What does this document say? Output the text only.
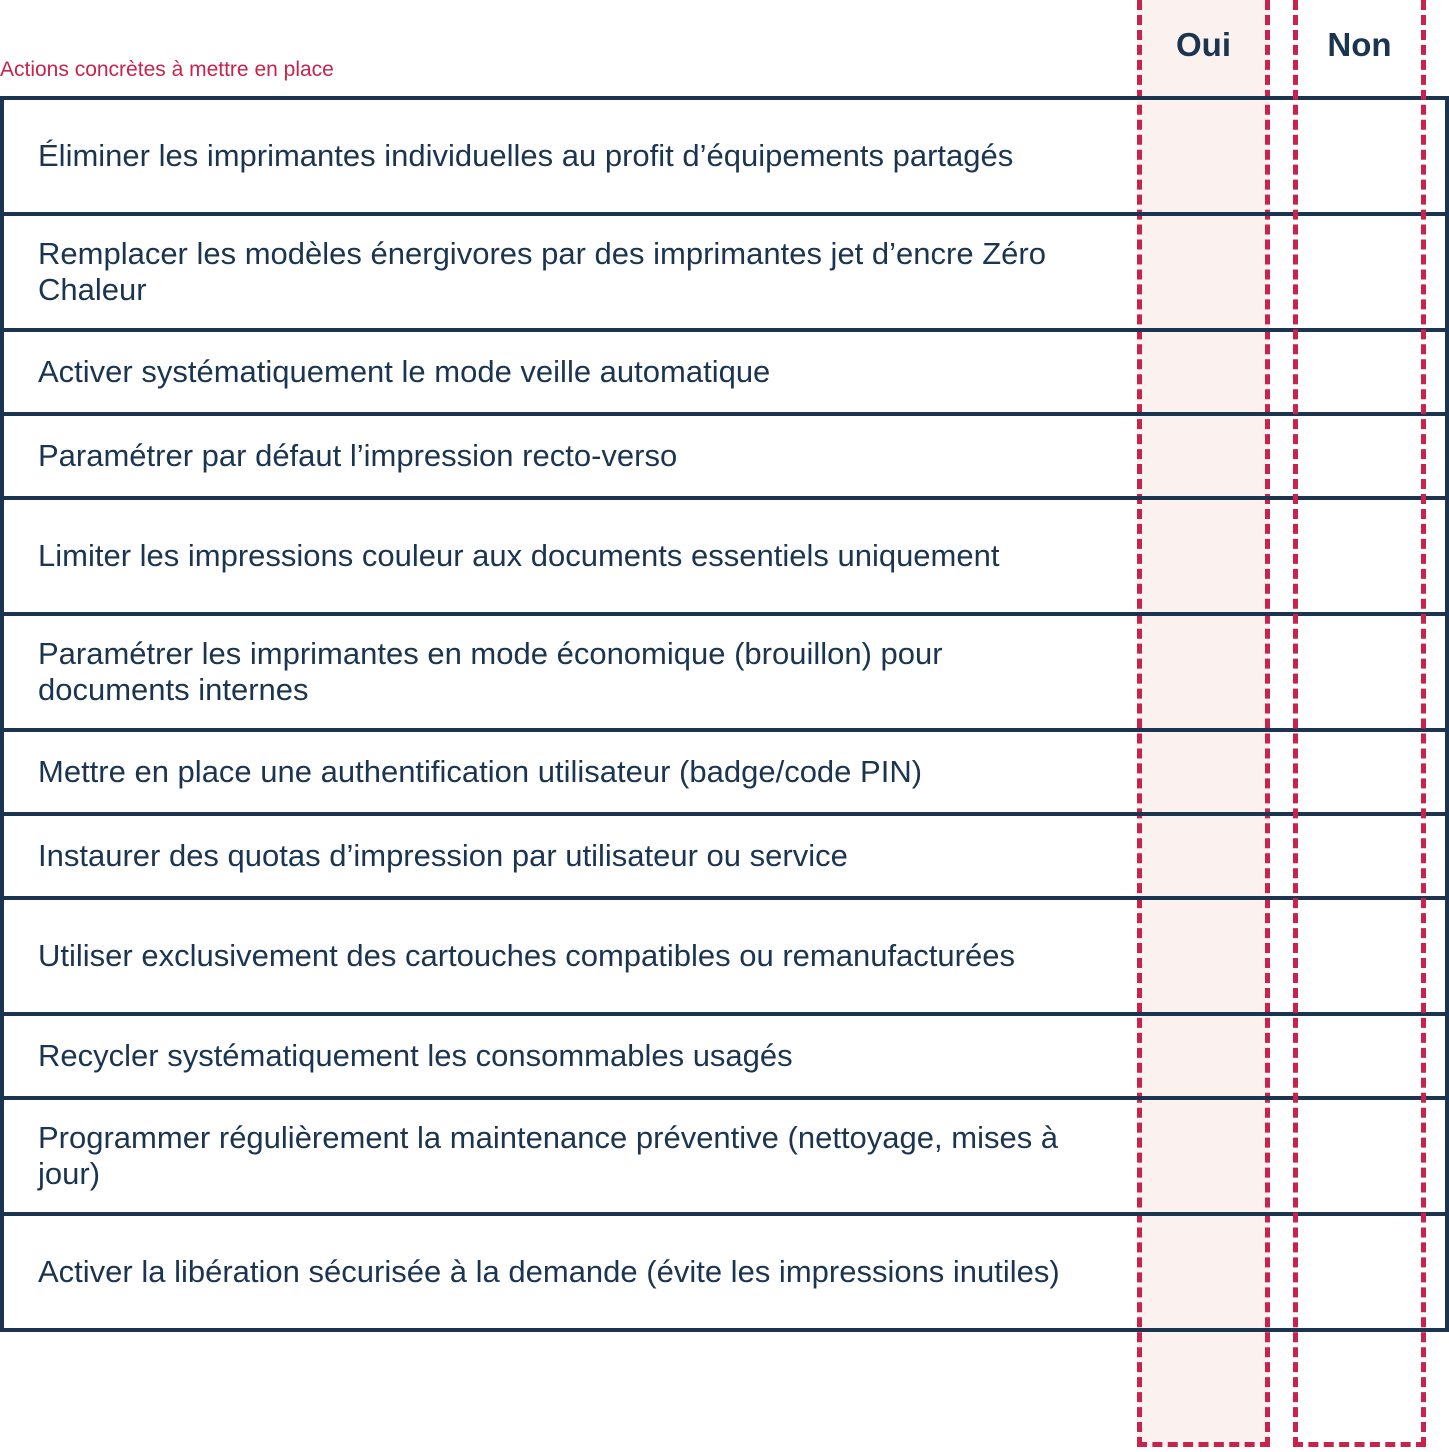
Oui	Non
Actions concrètes à mettre en place
Éliminer les imprimantes individuelles au profit d’équipements partagés
Remplacer les modèles énergivores par des imprimantes jet d’encre Zéro Chaleur
Activer systématiquement le mode veille automatique
Paramétrer par défaut l’impression recto-verso
Limiter les impressions couleur aux documents essentiels uniquement
Paramétrer les imprimantes en mode économique (brouillon) pour documents internes
Mettre en place une authentification utilisateur (badge/code PIN)
Instaurer des quotas d’impression par utilisateur ou service
Utiliser exclusivement des cartouches compatibles ou remanufacturées
Recycler systématiquement les consommables usagés
Programmer régulièrement la maintenance préventive (nettoyage, mises à jour)
Activer la libération sécurisée à la demande (évite les impressions inutiles)
